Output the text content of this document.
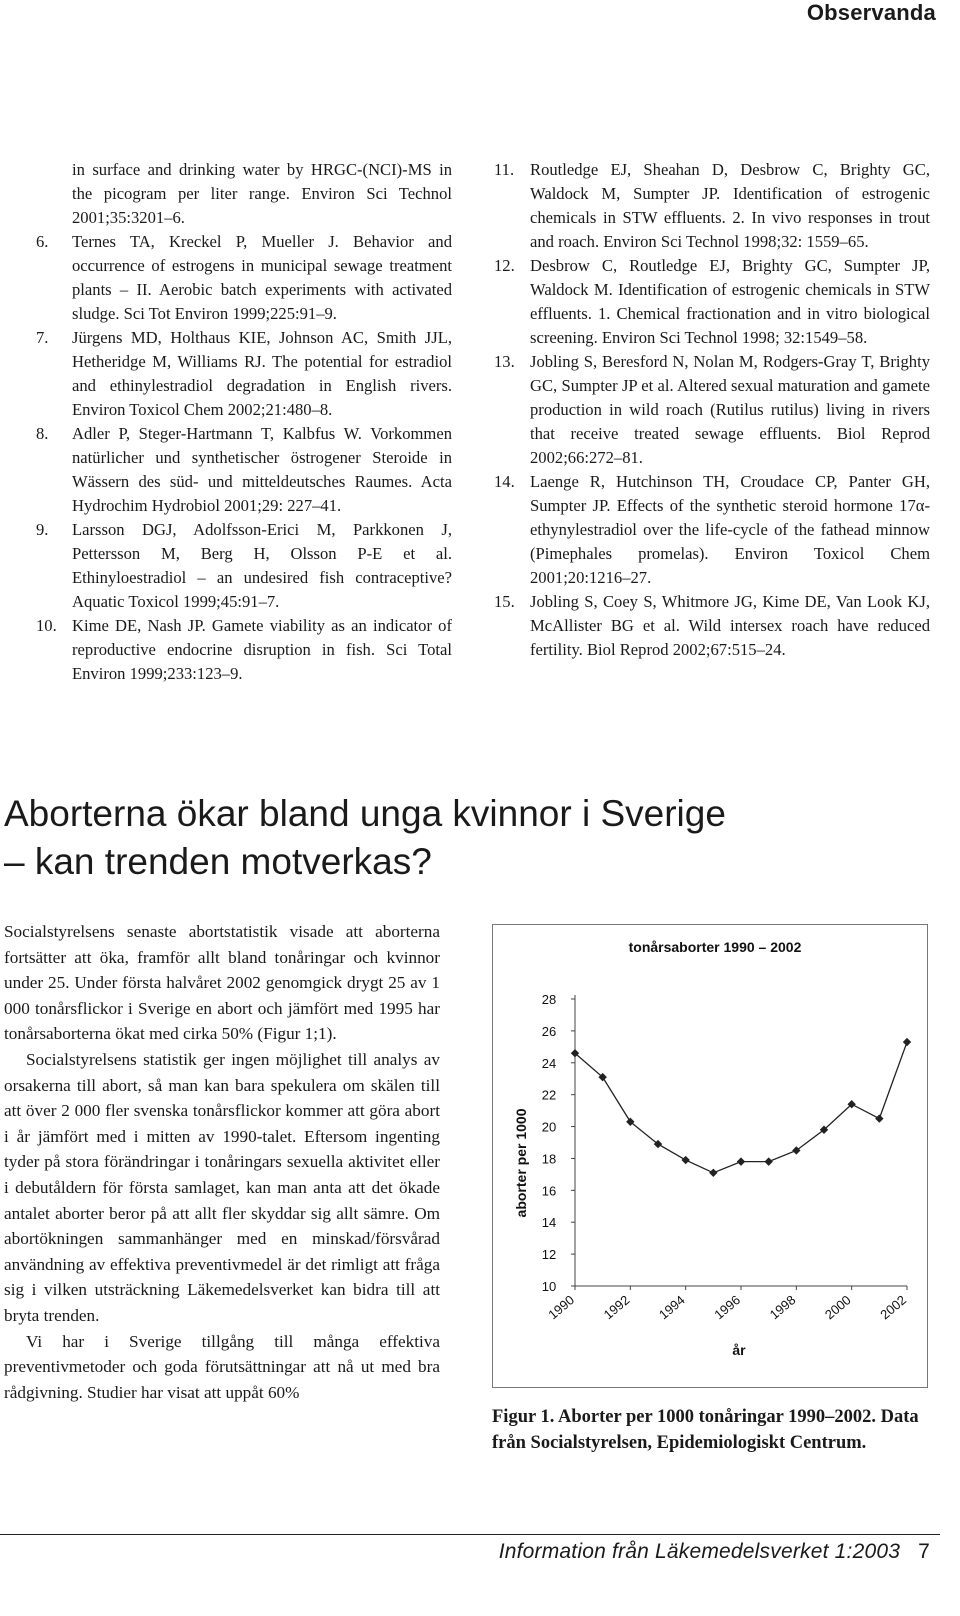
Observanda
in surface and drinking water by HRGC-(NCI)-MS in the picogram per liter range. Environ Sci Technol 2001;35:3201–6.
6. Ternes TA, Kreckel P, Mueller J. Behavior and occurrence of estrogens in municipal sewage treatment plants – II. Aerobic batch experiments with activated sludge. Sci Tot Environ 1999;225:91–9.
7. Jürgens MD, Holthaus KIE, Johnson AC, Smith JJL, Hetheridge M, Williams RJ. The potential for estradiol and ethinylestradiol degradation in English rivers. Environ Toxicol Chem 2002;21:480–8.
8. Adler P, Steger-Hartmann T, Kalbfus W. Vorkommen natürlicher und synthetischer östrogener Steroide in Wässern des süd- und mitteldeutsches Raumes. Acta Hydrochim Hydrobiol 2001;29: 227–41.
9. Larsson DGJ, Adolfsson-Erici M, Parkkonen J, Pettersson M, Berg H, Olsson P-E et al. Ethinyloestradiol – an undesired fish contraceptive? Aquatic Toxicol 1999;45:91–7.
10. Kime DE, Nash JP. Gamete viability as an indicator of reproductive endocrine disruption in fish. Sci Total Environ 1999;233:123–9.
11. Routledge EJ, Sheahan D, Desbrow C, Brighty GC, Waldock M, Sumpter JP. Identification of estrogenic chemicals in STW effluents. 2. In vivo responses in trout and roach. Environ Sci Technol 1998;32: 1559–65.
12. Desbrow C, Routledge EJ, Brighty GC, Sumpter JP, Waldock M. Identification of estrogenic chemicals in STW effluents. 1. Chemical fractionation and in vitro biological screening. Environ Sci Technol 1998; 32:1549–58.
13. Jobling S, Beresford N, Nolan M, Rodgers-Gray T, Brighty GC, Sumpter JP et al. Altered sexual maturation and gamete production in wild roach (Rutilus rutilus) living in rivers that receive treated sewage effluents. Biol Reprod 2002;66:272–81.
14. Laenge R, Hutchinson TH, Croudace CP, Panter GH, Sumpter JP. Effects of the synthetic steroid hormone 17α-ethynylestradiol over the life-cycle of the fathead minnow (Pimephales promelas). Environ Toxicol Chem 2001;20:1216–27.
15. Jobling S, Coey S, Whitmore JG, Kime DE, Van Look KJ, McAllister BG et al. Wild intersex roach have reduced fertility. Biol Reprod 2002;67:515–24.
Aborterna ökar bland unga kvinnor i Sverige
– kan trenden motverkas?

Socialstyrelsens senaste abortstatistik visade att aborterna fortsätter att öka, framför allt bland tonåringar och kvinnor under 25. Under första halvåret 2002 genomgick drygt 25 av 1 000 tonårsflickor i Sverige en abort och jämfört med 1995 har tonårsaborterna ökat med cirka 50% (Figur 1;1).

Socialstyrelsens statistik ger ingen möjlighet till analys av orsakerna till abort, så man kan bara spekulera om skälen till att över 2 000 fler svenska tonårsflickor kommer att göra abort i år jämfört med i mitten av 1990-talet. Eftersom ingenting tyder på stora förändringar i tonåringars sexuella aktivitet eller i debutåldern för första samlaget, kan man anta att det ökade antalet aborter beror på att allt fler skyddar sig allt sämre. Om abortökningen sammanhänger med en minskad/försvårad användning av effektiva preventivmedel är det rimligt att fråga sig i vilken utsträckning Läkemedelsverket kan bidra till att bryta trenden.

Vi har i Sverige tillgång till många effektiva preventivmetoder och goda förutsättningar att nå ut med bra rådgivning. Studier har visat att uppåt 60%

tonårsaborter 1990 – 2002
10
12
14
16
18
20
22
24
26
28
1990 1992 1994 1996 1998 2000 2002
år
aborter per 1000
Figur 1. Aborter per 1000 tonåringar 1990–2002. Data från Socialstyrelsen, Epidemiologiskt Centrum.
Information från Läkemedelsverket 1:2003 7
